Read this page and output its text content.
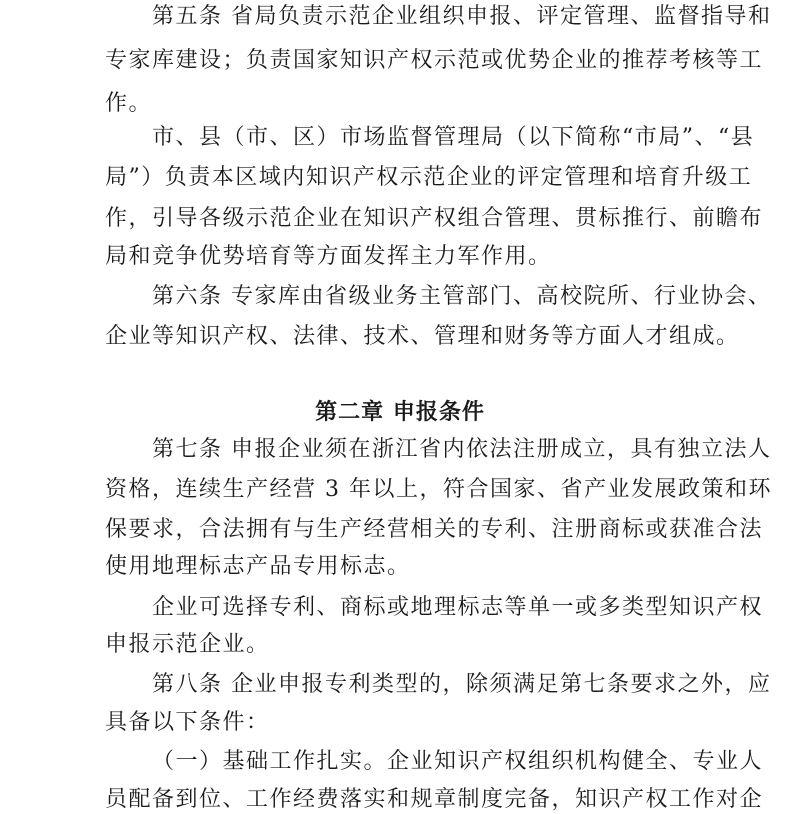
第五条 省局负责示范企业组织申报、评定管理、监督指导和
专家库建设；负责国家知识产权示范或优势企业的推荐考核等工
作。
市、县（市、区）市场监督管理局（以下简称“市局”、“县
局”）负责本区域内知识产权示范企业的评定管理和培育升级工
作，引导各级示范企业在知识产权组合管理、贯标推行、前瞻布
局和竞争优势培育等方面发挥主力军作用。
第六条 专家库由省级业务主管部门、高校院所、行业协会、
企业等知识产权、法律、技术、管理和财务等方面人才组成。
第二章 申报条件
第七条 申报企业须在浙江省内依法注册成立，具有独立法人
资格，连续生产经营 3 年以上，符合国家、省产业发展政策和环
保要求，合法拥有与生产经营相关的专利、注册商标或获准合法
使用地理标志产品专用标志。
企业可选择专利、商标或地理标志等单一或多类型知识产权
申报示范企业。
第八条 企业申报专利类型的，除须满足第七条要求之外，应
具备以下条件：
（一）基础工作扎实。企业知识产权组织机构健全、专业人
员配备到位、工作经费落实和规章制度完备，知识产权工作对企
